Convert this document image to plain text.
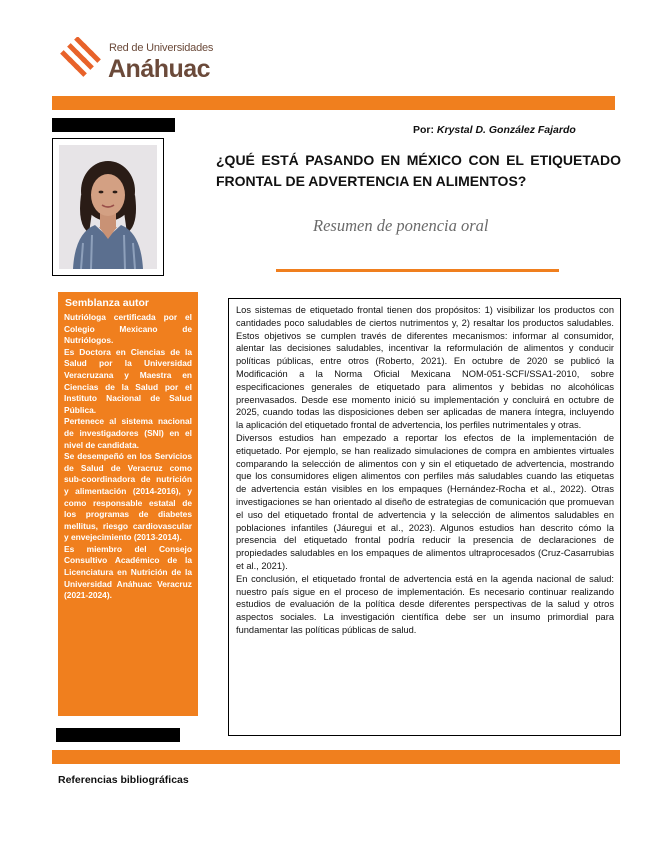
Red de Universidades
Anáhuac
Por: Krystal D. González Fajardo
¿QUÉ ESTÁ PASANDO EN MÉXICO CON EL ETIQUETADO FRONTAL DE ADVERTENCIA EN ALIMENTOS?
Resumen de ponencia oral
Semblanza autor

Nutrióloga certificada por el Colegio Mexicano de Nutriólogos.

Es Doctora en Ciencias de la Salud por la Universidad Veracruzana y Maestra en Ciencias de la Salud por el Instituto Nacional de Salud Pública.

Pertenece al sistema nacional de investigadores (SNI) en el nivel de candidata.

Se desempeñó en los Servicios de Salud de Veracruz como sub-coordinadora de nutrición y alimentación (2014-2016), y como responsable estatal de los programas de diabetes mellitus, riesgo cardiovascular y envejecimiento (2013-2014).

Es miembro del Consejo Consultivo Académico de la Licenciatura en Nutrición de la Universidad Anáhuac Veracruz (2021-2024).

Los sistemas de etiquetado frontal tienen dos propósitos: 1) visibilizar los productos con cantidades poco saludables de ciertos nutrimentos y, 2) resaltar los productos saludables. Estos objetivos se cumplen través de diferentes mecanismos: informar al consumidor, alentar las decisiones saludables, incentivar la reformulación de alimentos y conducir políticas públicas, entre otros (Roberto, 2021). En octubre de 2020 se publicó la Modificación a la Norma Oficial Mexicana NOM-051-SCFI/SSA1-2010, sobre especificaciones generales de etiquetado para alimentos y bebidas no alcohólicas preenvasados. Desde ese momento inició su implementación y concluirá en octubre de 2025, cuando todas las disposiciones deben ser aplicadas de manera íntegra, incluyendo la aplicación del etiquetado frontal de advertencia, los perfiles nutrimentales y otras.

Diversos estudios han empezado a reportar los efectos de la implementación de etiquetado. Por ejemplo, se han realizado simulaciones de compra en ambientes virtuales comparando la selección de alimentos con y sin el etiquetado de advertencia, mostrando que los consumidores eligen alimentos con perfiles más saludables cuando las etiquetas de advertencia están visibles en los empaques (Hernández-Rocha et al., 2022). Otras investigaciones se han orientado al diseño de estrategias de comunicación que promuevan el uso del etiquetado frontal de advertencia y la selección de alimentos saludables en poblaciones infantiles (Jáuregui et al., 2023). Algunos estudios han descrito cómo la presencia del etiquetado frontal podría reducir la presencia de declaraciones de propiedades saludables en los empaques de alimentos ultraprocesados (Cruz-Casarrubias et al., 2021).

En conclusión, el etiquetado frontal de advertencia está en la agenda nacional de salud: nuestro país sigue en el proceso de implementación. Es necesario continuar realizando estudios de evaluación de la política desde diferentes perspectivas de la salud y otros aspectos sociales. La investigación científica debe ser un insumo primordial para fundamentar las políticas públicas de salud.

Referencias bibliográficas
